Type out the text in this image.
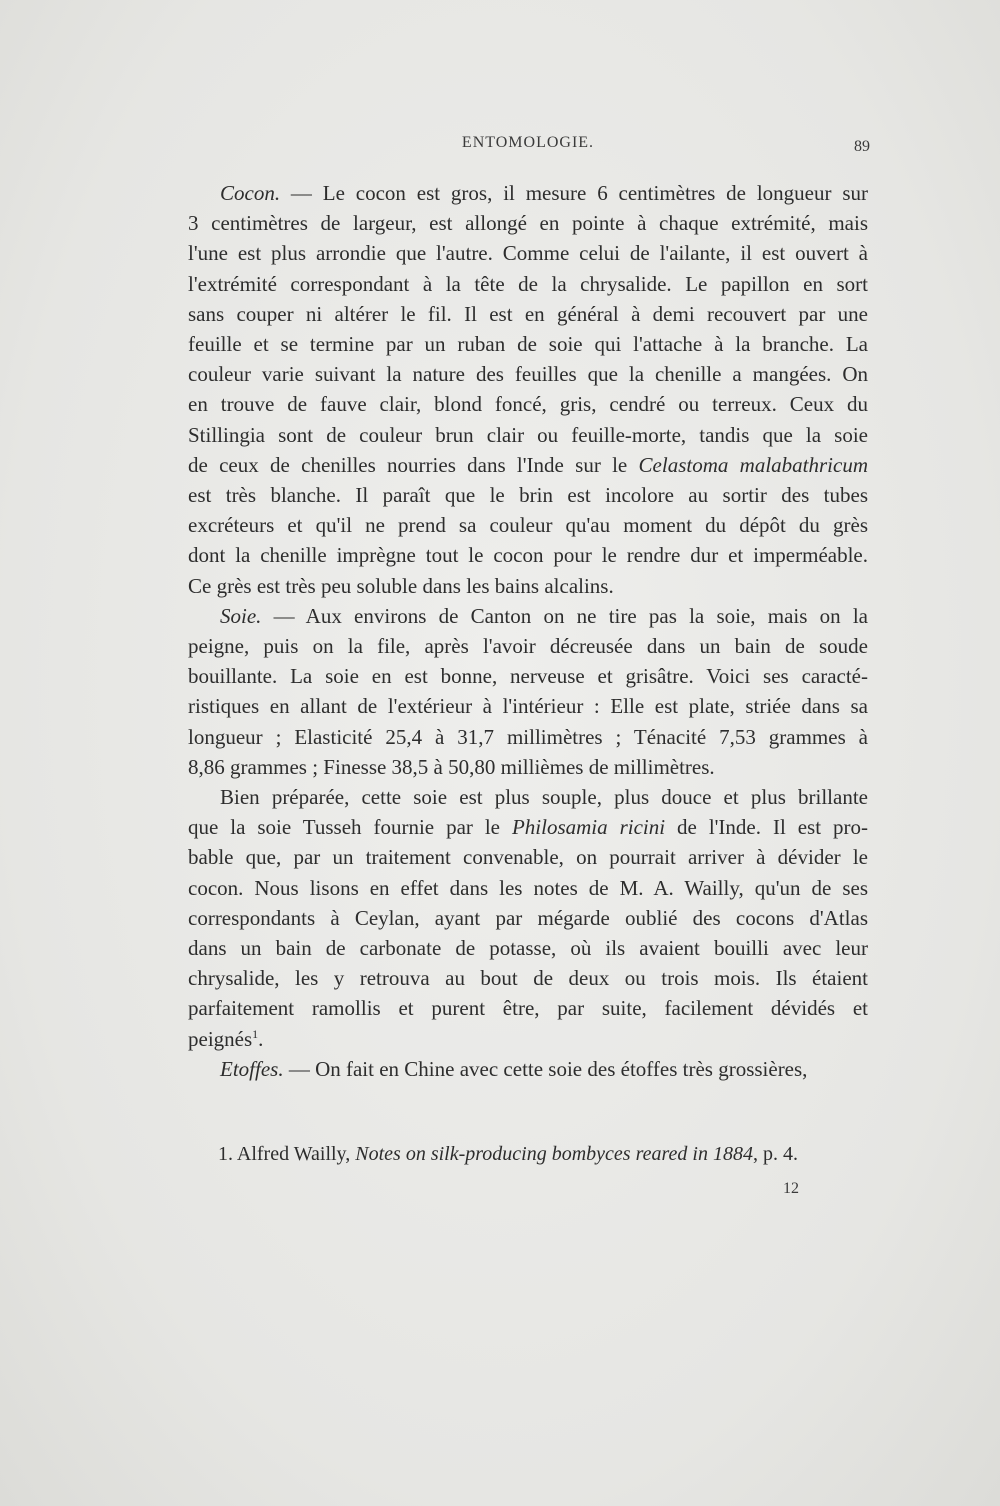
ENTOMOLOGIE.	89

Cocon. — Le cocon est gros, il mesure 6 centimètres de longueur sur
3 centimètres de largeur, est allongé en pointe à chaque extrémité, mais
l'une est plus arrondie que l'autre. Comme celui de l'ailante, il est ouvert à
l'extrémité correspondant à la tête de la chrysalide. Le papillon en sort
sans couper ni altérer le fil. Il est en général à demi recouvert par une
feuille et se termine par un ruban de soie qui l'attache à la branche. La
couleur varie suivant la nature des feuilles que la chenille a mangées. On
en trouve de fauve clair, blond foncé, gris, cendré ou terreux. Ceux du
Stillingia sont de couleur brun clair ou feuille-morte, tandis que la soie
de ceux de chenilles nourries dans l'Inde sur le Celastoma malabathricum
est très blanche. Il paraît que le brin est incolore au sortir des tubes
excréteurs et qu'il ne prend sa couleur qu'au moment du dépôt du grès
dont la chenille imprègne tout le cocon pour le rendre dur et imperméable.
Ce grès est très peu soluble dans les bains alcalins.

Soie. — Aux environs de Canton on ne tire pas la soie, mais on la
peigne, puis on la file, après l'avoir décreusée dans un bain de soude
bouillante. La soie en est bonne, nerveuse et grisâtre. Voici ses caracté-
ristiques en allant de l'extérieur à l'intérieur : Elle est plate, striée dans sa
longueur ; Elasticité 25,4 à 31,7 millimètres ; Ténacité 7,53 grammes à
8,86 grammes ; Finesse 38,5 à 50,80 millièmes de millimètres.

Bien préparée, cette soie est plus souple, plus douce et plus brillante
que la soie Tusseh fournie par le Philosamia ricini de l'Inde. Il est pro-
bable que, par un traitement convenable, on pourrait arriver à dévider le
cocon. Nous lisons en effet dans les notes de M. A. Wailly, qu'un de ses
correspondants à Ceylan, ayant par mégarde oublié des cocons d'Atlas
dans un bain de carbonate de potasse, où ils avaient bouilli avec leur
chrysalide, les y retrouva au bout de deux ou trois mois. Ils étaient
parfaitement ramollis et purent être, par suite, facilement dévidés et
peignés$^1$.

Etoffes. — On fait en Chine avec cette soie des étoffes très grossières,

1. Alfred Wailly, Notes on silk-producing bombyces reared in 1884, p. 4.
12
